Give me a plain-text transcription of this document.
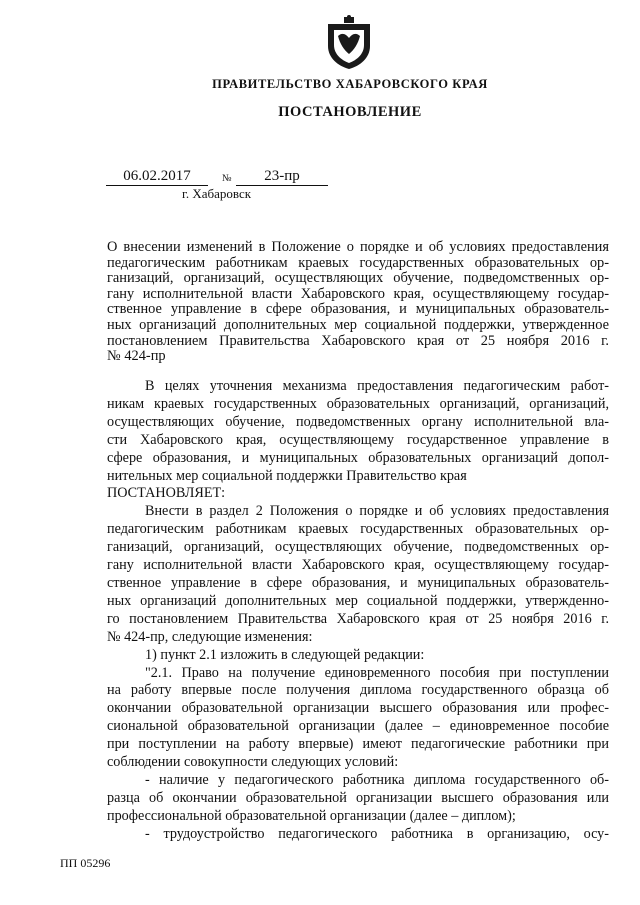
ПРАВИТЕЛЬСТВО ХАБАРОВСКОГО КРАЯ
ПОСТАНОВЛЕНИЕ
06.02.2017	№	23-пр
г. Хабаровск
О внесении изменений в Положение о порядке и об условиях предоставления
педагогическим работникам краевых государственных образовательных ор-
ганизаций, организаций, осуществляющих обучение, подведомственных ор-
гану исполнительной власти Хабаровского края, осуществляющему государ-
ственное управление в сфере образования, и муниципальных образователь-
ных организаций дополнительных мер социальной поддержки, утвержденное
постановлением Правительства Хабаровского края от 25 ноября 2016 г.
№ 424-пр
В целях уточнения механизма предоставления педагогическим работ-
никам краевых государственных образовательных организаций, организаций,
осуществляющих обучение, подведомственных органу исполнительной вла-
сти Хабаровского края, осуществляющему государственное управление в
сфере образования, и муниципальных образовательных организаций допол-
нительных мер социальной поддержки Правительство края
ПОСТАНОВЛЯЕТ:
Внести в раздел 2 Положения о порядке и об условиях предоставления
педагогическим работникам краевых государственных образовательных ор-
ганизаций, организаций, осуществляющих обучение, подведомственных ор-
гану исполнительной власти Хабаровского края, осуществляющему государ-
ственное управление в сфере образования, и муниципальных образователь-
ных организаций дополнительных мер социальной поддержки, утвержденно-
го постановлением Правительства Хабаровского края от 25 ноября 2016 г.
№ 424-пр, следующие изменения:
1) пункт 2.1 изложить в следующей редакции:
"2.1. Право на получение единовременного пособия при поступлении
на работу впервые после получения диплома государственного образца об
окончании образовательной организации высшего образования или профес-
сиональной образовательной организации (далее – единовременное пособие
при поступлении на работу впервые) имеют педагогические работники при
соблюдении совокупности следующих условий:
- наличие у педагогического работника диплома государственного об-
разца об окончании образовательной организации высшего образования или
профессиональной образовательной организации (далее – диплом);
- трудоустройство педагогического работника в организацию, осу-
ПП 05296
